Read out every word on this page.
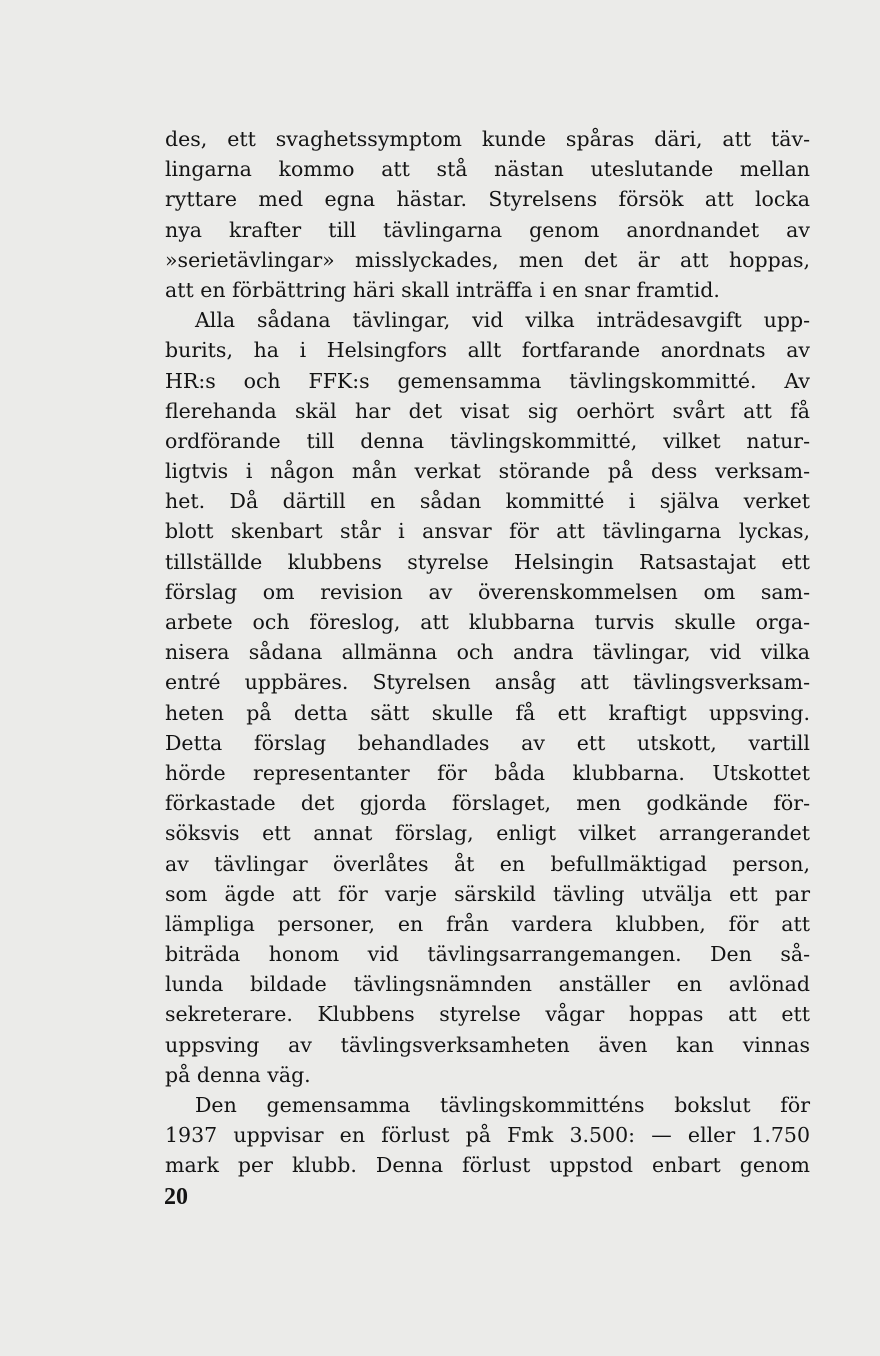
des, ett svaghetssymptom kunde spåras däri, att täv-
lingarna kommo att stå nästan uteslutande mellan
ryttare med egna hästar. Styrelsens försök att locka
nya krafter till tävlingarna genom anordnandet av
»serietävlingar» misslyckades, men det är att hoppas,
att en förbättring häri skall inträffa i en snar framtid.
Alla sådana tävlingar, vid vilka inträdesavgift upp-
burits, ha i Helsingfors allt fortfarande anordnats av
HR:s och FFK:s gemensamma tävlingskommitté. Av
flerehanda skäl har det visat sig oerhört svårt att få
ordförande till denna tävlingskommitté, vilket natur-
ligtvis i någon mån verkat störande på dess verksam-
het. Då därtill en sådan kommitté i själva verket
blott skenbart står i ansvar för att tävlingarna lyckas,
tillställde klubbens styrelse Helsingin Ratsastajat ett
förslag om revision av överenskommelsen om sam-
arbete och föreslog, att klubbarna turvis skulle orga-
nisera sådana allmänna och andra tävlingar, vid vilka
entré uppbäres. Styrelsen ansåg att tävlingsverksam-
heten på detta sätt skulle få ett kraftigt uppsving.
Detta förslag behandlades av ett utskott, vartill
hörde representanter för båda klubbarna. Utskottet
förkastade det gjorda förslaget, men godkände för-
söksvis ett annat förslag, enligt vilket arrangerandet
av tävlingar överlåtes åt en befullmäktigad person,
som ägde att för varje särskild tävling utvälja ett par
lämpliga personer, en från vardera klubben, för att
biträda honom vid tävlingsarrangemangen. Den så-
lunda bildade tävlingsnämnden anställer en avlönad
sekreterare. Klubbens styrelse vågar hoppas att ett
uppsving av tävlingsverksamheten även kan vinnas
på denna väg.
Den gemensamma tävlingskommitténs bokslut för
1937 uppvisar en förlust på Fmk 3.500: — eller 1.750
mark per klubb. Denna förlust uppstod enbart genom
20
